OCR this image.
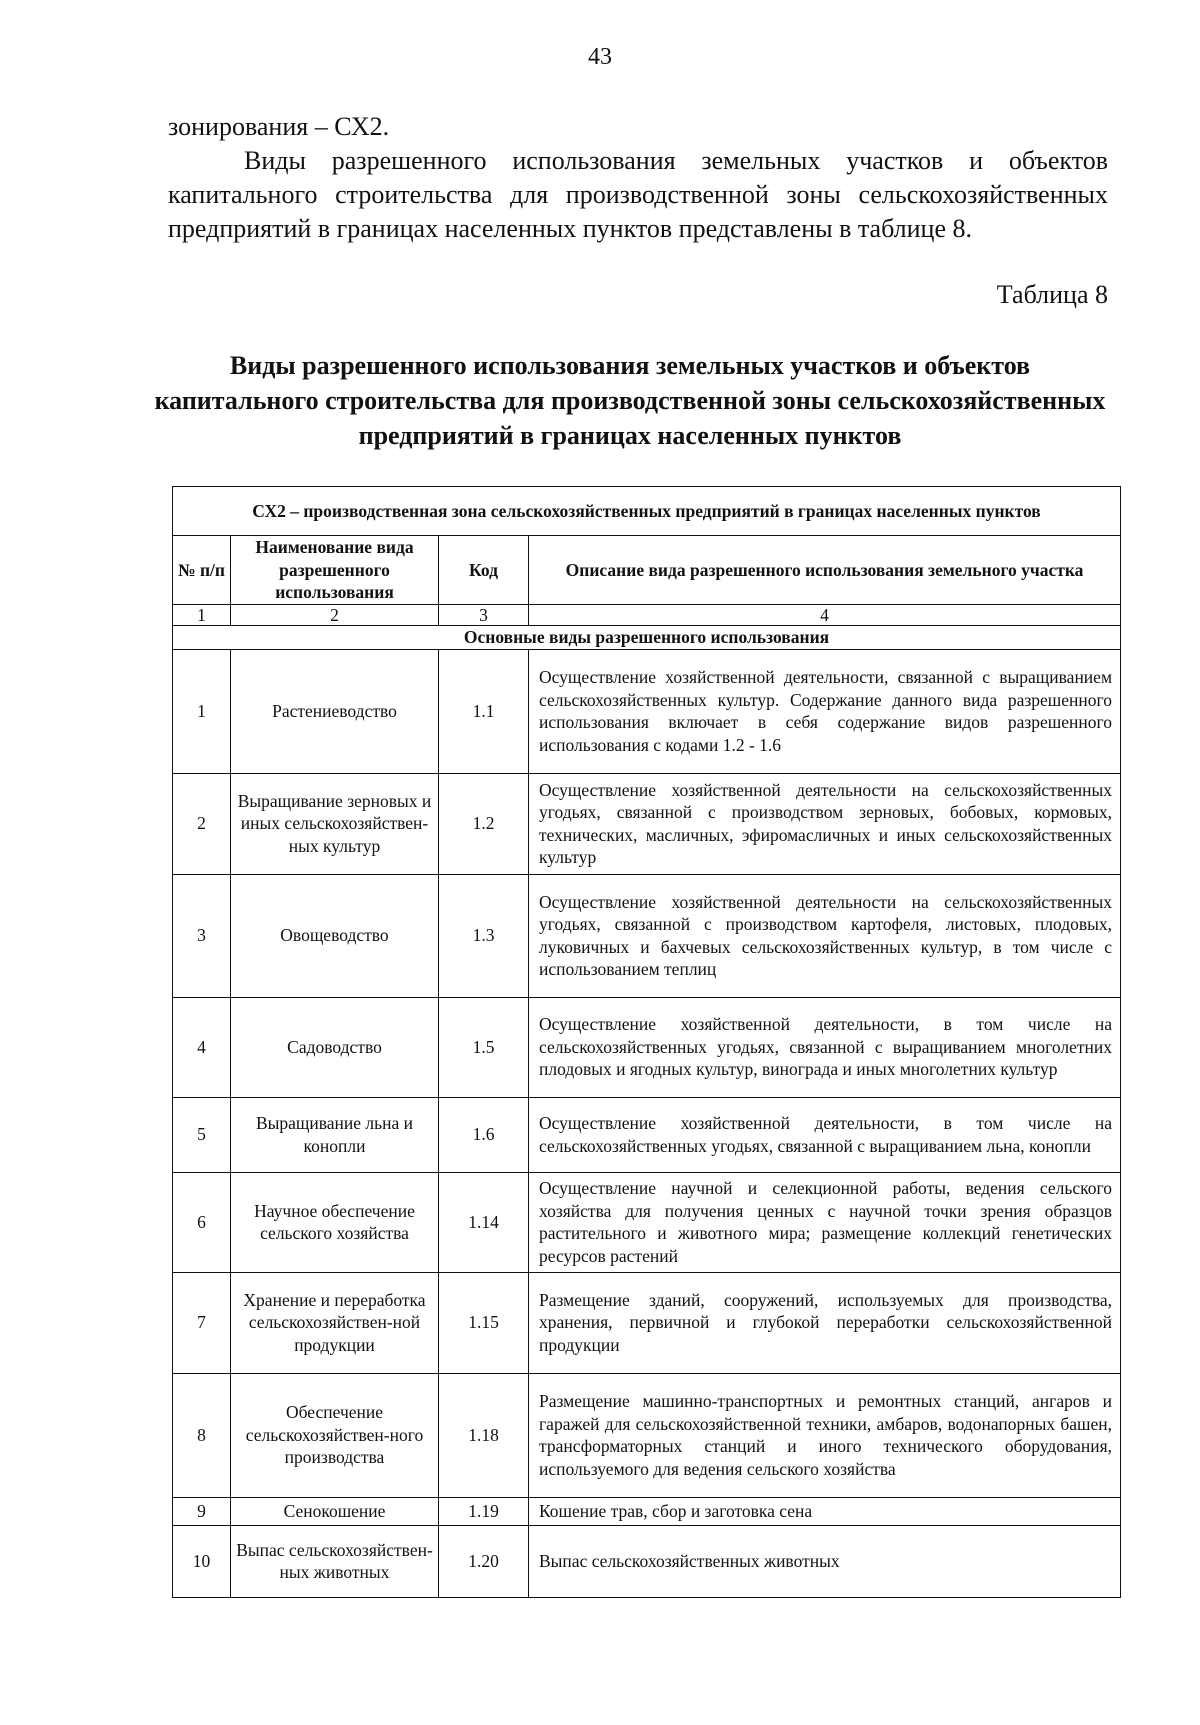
43

зонирования – СХ2.

Виды разрешенного использования земельных участков и объектов капитального строительства для производственной зоны сельскохозяйственных предприятий в границах населенных пунктов представлены в таблице 8.

Таблица 8
Виды разрешенного использования земельных участков и объектов капитального строительства для производственной зоны сельскохозяйственных предприятий в границах населенных пунктов
СХ2 – производственная зона сельскохозяйственных предприятий в границах населенных пунктов			
№ п/п	Наименование вида разрешенного использования	Код	Описание вида разрешенного использования земельного участка
1	2	3	4
Основные виды разрешенного использования			
1	Растениеводство	1.1	Осуществление хозяйственной деятельности, связанной с выращиванием сельскохозяйственных культур. Содержание данного вида разрешенного использования включает в себя содержание видов разрешенного использования с кодами 1.2 - 1.6
2	Выращивание зерновых и иных сельскохозяйствен-ных культур	1.2	Осуществление хозяйственной деятельности на сельскохозяйственных угодьях, связанной с производством зерновых, бобовых, кормовых, технических, масличных, эфиромасличных и иных сельскохозяйственных культур
3	Овощеводство	1.3	Осуществление хозяйственной деятельности на сельскохозяйственных угодьях, связанной с производством картофеля, листовых, плодовых, луковичных и бахчевых сельскохозяйственных культур, в том числе с использованием теплиц
4	Садоводство	1.5	Осуществление хозяйственной деятельности, в том числе на сельскохозяйственных угодьях, связанной с выращиванием многолетних плодовых и ягодных культур, винограда и иных многолетних культур
5	Выращивание льна и конопли	1.6	Осуществление хозяйственной деятельности, в том числе на сельскохозяйственных угодьях, связанной с выращиванием льна, конопли
6	Научное обеспечение сельского хозяйства	1.14	Осуществление научной и селекционной работы, ведения сельского хозяйства для получения ценных с научной точки зрения образцов растительного и животного мира; размещение коллекций генетических ресурсов растений
7	Хранение и переработка сельскохозяйствен-ной продукции	1.15	Размещение зданий, сооружений, используемых для производства, хранения, первичной и глубокой переработки сельскохозяйственной продукции
8	Обеспечение сельскохозяйствен-ного производства	1.18	Размещение машинно-транспортных и ремонтных станций, ангаров и гаражей для сельскохозяйственной техники, амбаров, водонапорных башен, трансформаторных станций и иного технического оборудования, используемого для ведения сельского хозяйства
9	Сенокошение	1.19	Кошение трав, сбор и заготовка сена
10	Выпас сельскохозяйствен-ных животных	1.20	Выпас сельскохозяйственных животных
